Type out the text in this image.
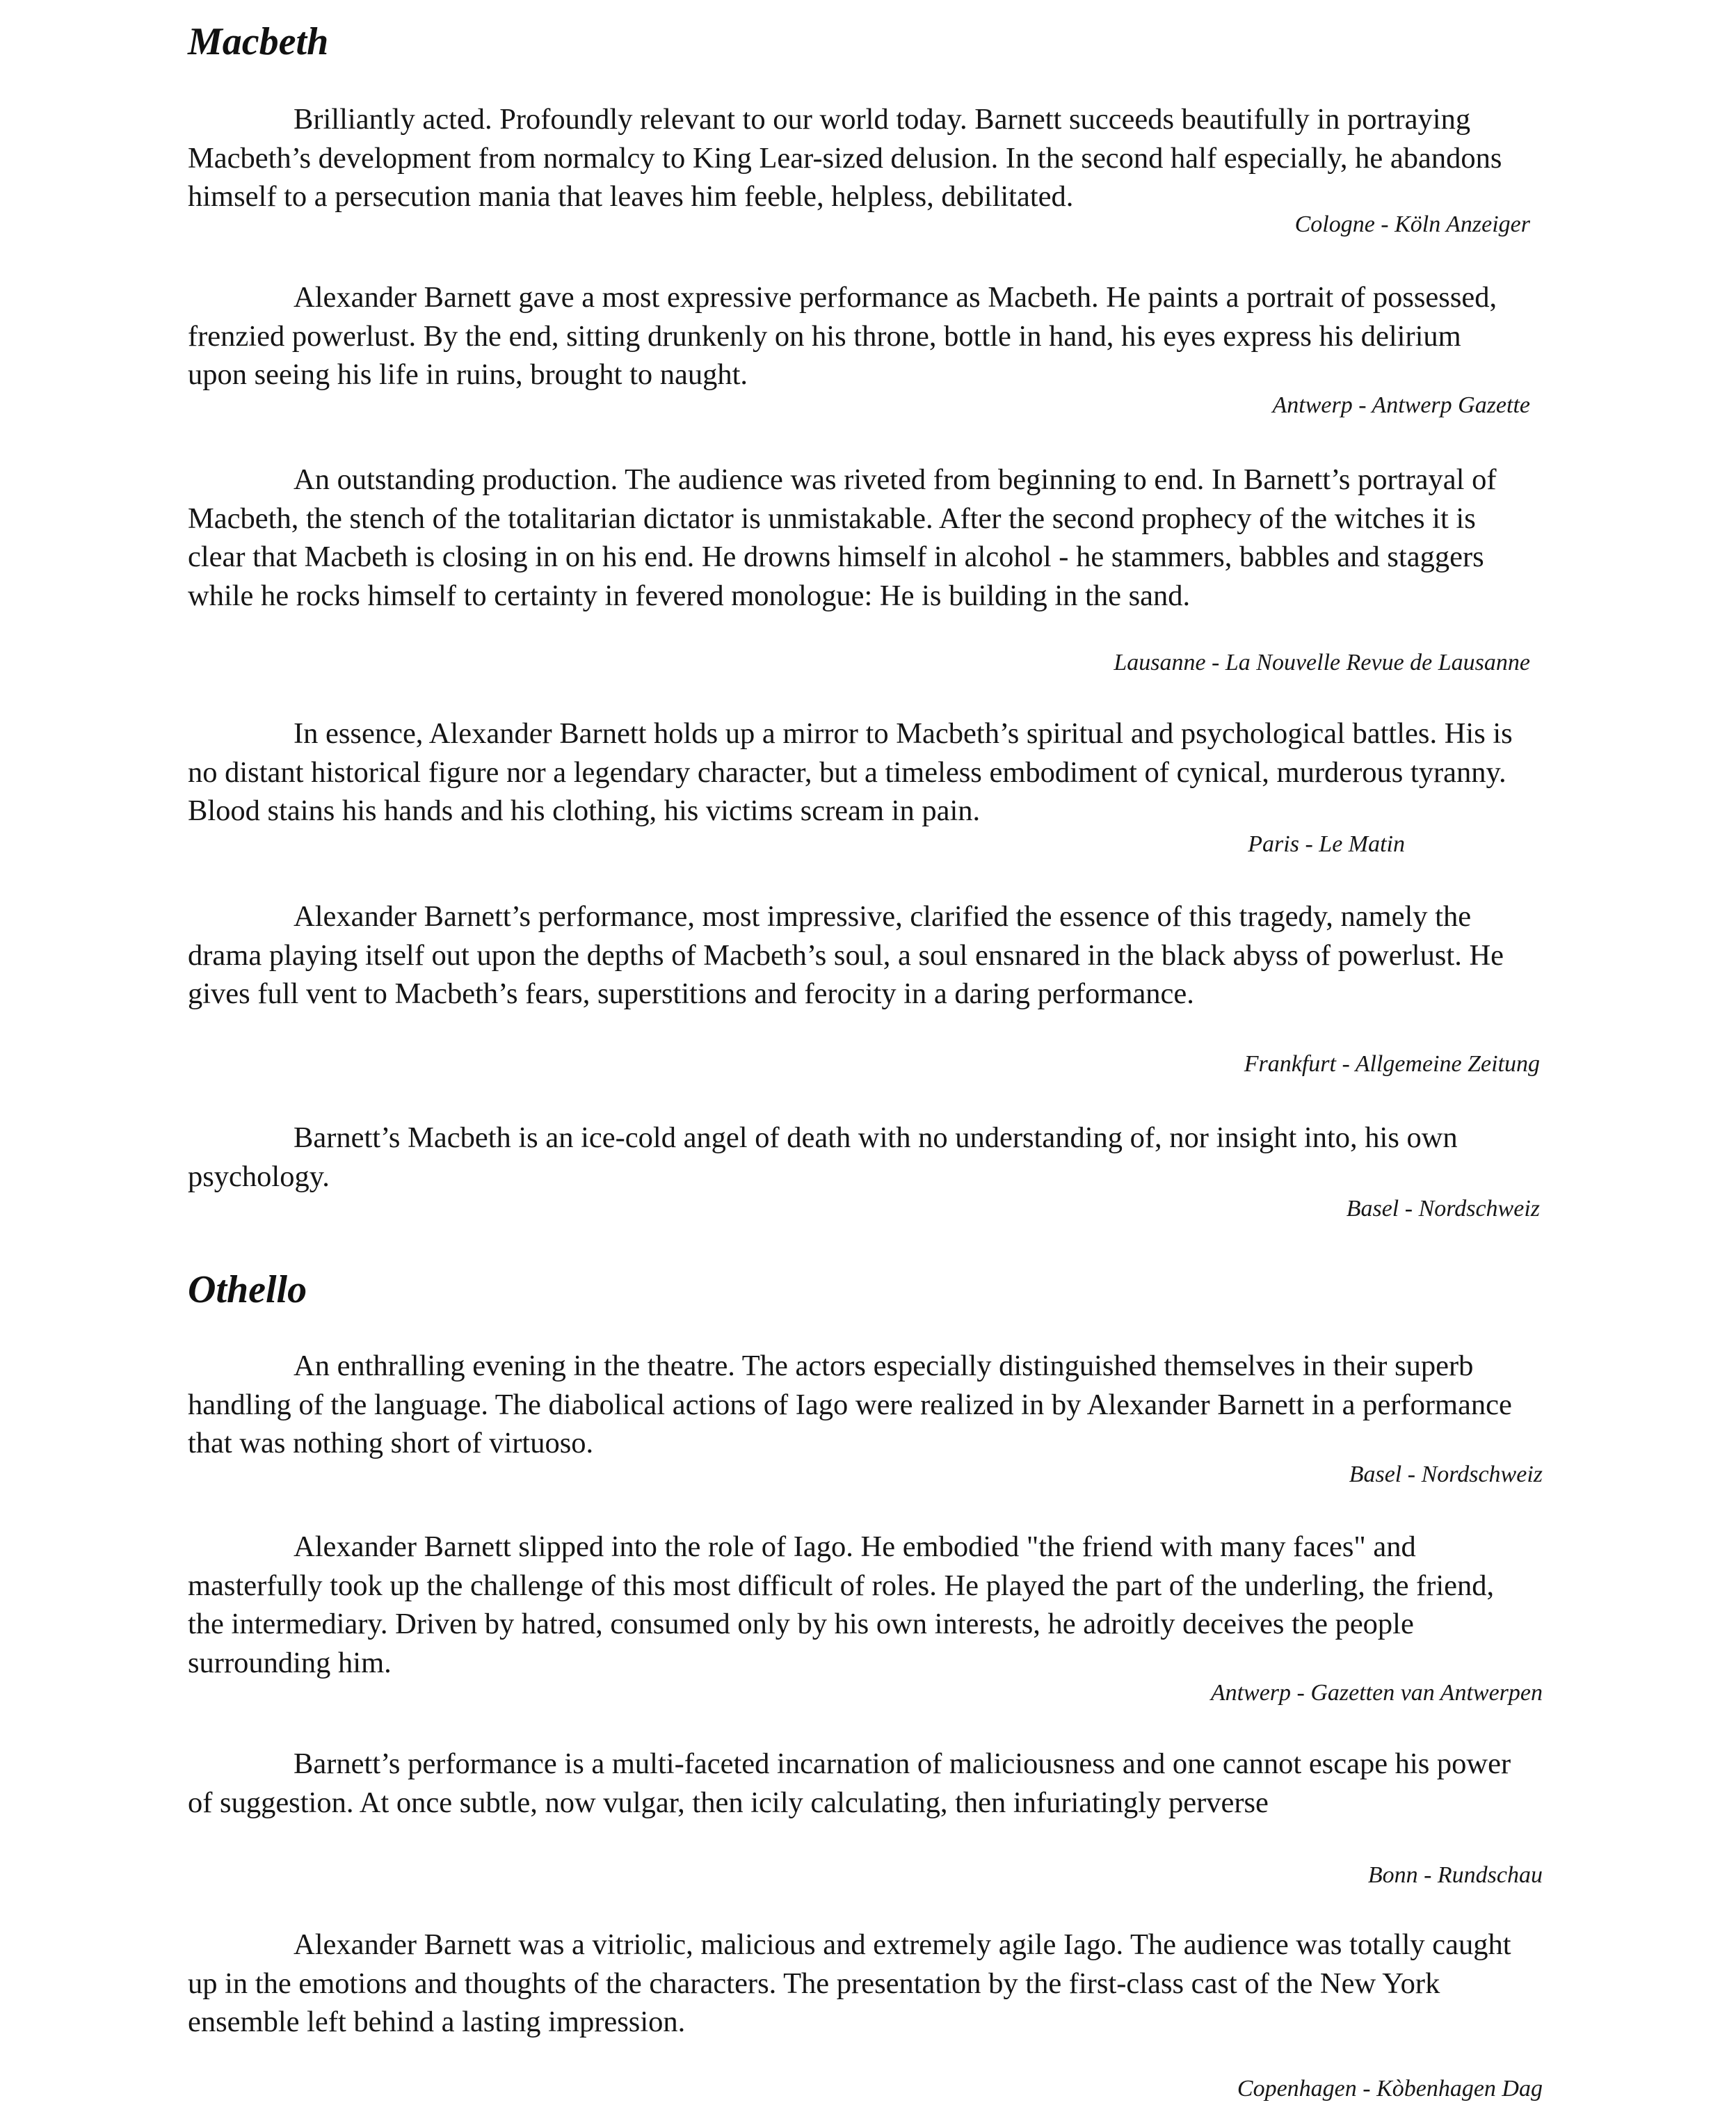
Macbeth

Brilliantly acted. Profoundly relevant to our world today. Barnett succeeds beautifully in portraying Macbeth’s development from normalcy to King Lear-sized delusion. In the second half especially, he abandons himself to a persecution mania that leaves him feeble, helpless, debilitated.

Cologne - Köln Anzeiger

Alexander Barnett gave a most expressive performance as Macbeth. He paints a portrait of possessed, frenzied powerlust. By the end, sitting drunkenly on his throne, bottle in hand, his eyes express his delirium upon seeing his life in ruins, brought to naught.

Antwerp - Antwerp Gazette

An outstanding production. The audience was riveted from beginning to end. In Barnett’s portrayal of Macbeth, the stench of the totalitarian dictator is unmistakable. After the second prophecy of the witches it is clear that Macbeth is closing in on his end. He drowns himself in alcohol - he stammers, babbles and staggers while he rocks himself to certainty in fevered monologue: He is building in the sand.

Lausanne - La Nouvelle Revue de Lausanne

In essence, Alexander Barnett holds up a mirror to Macbeth’s spiritual and psychological battles. His is no distant historical figure nor a legendary character, but a timeless embodiment of cynical, murderous tyranny. Blood stains his hands and his clothing, his victims scream in pain.

Paris - Le Matin

Alexander Barnett’s performance, most impressive, clarified the essence of this tragedy, namely the drama playing itself out upon the depths of Macbeth’s soul, a soul ensnared in the black abyss of powerlust. He gives full vent to Macbeth’s fears, superstitions and ferocity in a daring performance.

Frankfurt - Allgemeine Zeitung

Barnett’s Macbeth is an ice-cold angel of death with no understanding of, nor insight into, his own psychology.

Basel - Nordschweiz
Othello

An enthralling evening in the theatre. The actors especially distinguished themselves in their superb handling of the language. The diabolical actions of Iago were realized in by Alexander Barnett in a performance that was nothing short of virtuoso.

Basel - Nordschweiz

Alexander Barnett slipped into the role of Iago. He embodied "the friend with many faces" and masterfully took up the challenge of this most difficult of roles. He played the part of the underling, the friend, the intermediary. Driven by hatred, consumed only by his own interests, he adroitly deceives the people surrounding him.

Antwerp - Gazetten van Antwerpen

Barnett’s performance is a multi-faceted incarnation of maliciousness and one cannot escape his power of suggestion. At once subtle, now vulgar, then icily calculating, then infuriatingly perverse

Bonn - Rundschau

Alexander Barnett was a vitriolic, malicious and extremely agile Iago. The audience was totally caught up in the emotions and thoughts of the characters. The presentation by the first-class cast of the New York ensemble left behind a lasting impression.

Copenhagen - Kòbenhagen Dag
